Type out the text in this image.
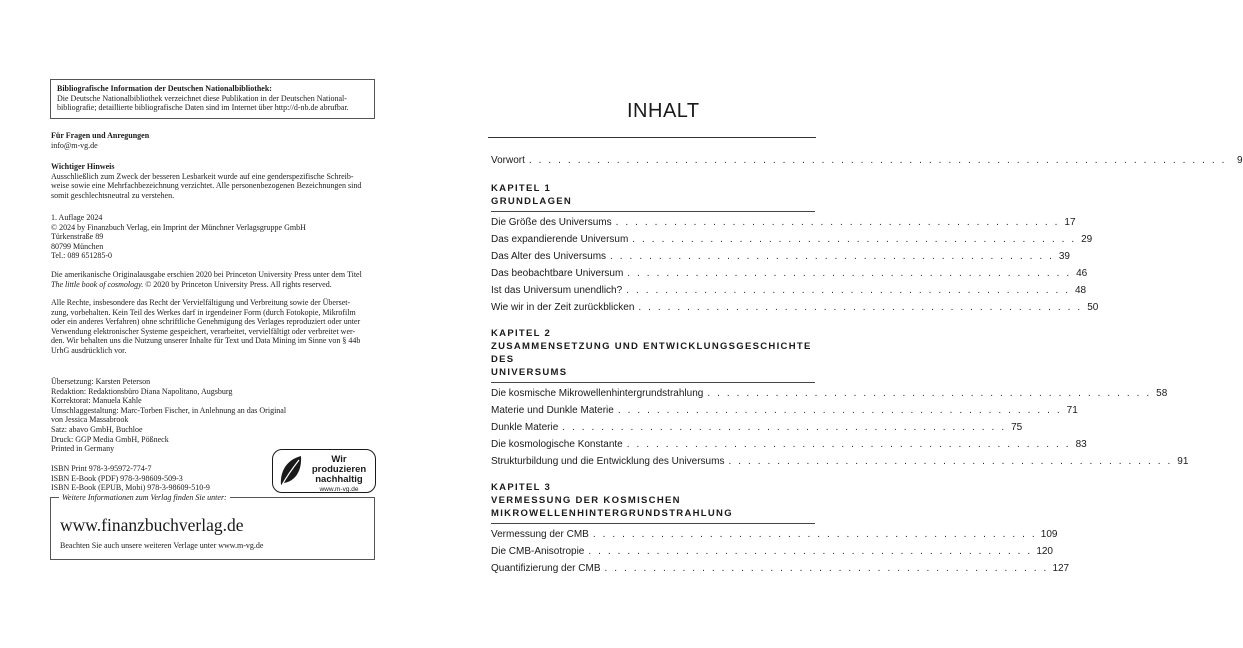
Bibliografische Information der Deutschen Nationalbibliothek:

Die Deutsche Nationalbibliothek verzeichnet diese Publikation in der Deutschen National-

bibliografie; detaillierte bibliografische Daten sind im Internet über http://d-nb.de abrufbar.

Für Fragen und Anregungen

info@m-vg.de

Wichtiger Hinweis

Ausschließlich zum Zweck der besseren Lesbarkeit wurde auf eine genderspezifische Schreib-

weise sowie eine Mehrfachbezeichnung verzichtet. Alle personenbezogenen Bezeichnungen sind

somit geschlechtsneutral zu verstehen.

1. Auflage 2024

© 2024 by Finanzbuch Verlag, ein Imprint der Münchner Verlagsgruppe GmbH

Türkenstraße 89

80799 München

Tel.: 089 651285-0

Die amerikanische Originalausgabe erschien 2020 bei Princeton University Press unter dem Titel

The little book of cosmology. © 2020 by Princeton University Press. All rights reserved.

Alle Rechte, insbesondere das Recht der Vervielfältigung und Verbreitung sowie der Überset-

zung, vorbehalten. Kein Teil des Werkes darf in irgendeiner Form (durch Fotokopie, Mikrofilm

oder ein anderes Verfahren) ohne schriftliche Genehmigung des Verlages reproduziert oder unter

Verwendung elektronischer Systeme gespeichert, verarbeitet, vervielfältigt oder verbreitet wer-

den. Wir behalten uns die Nutzung unserer Inhalte für Text und Data Mining im Sinne von § 44b

UrhG ausdrücklich vor.

Übersetzung: Karsten Peterson

Redaktion: Redaktionsbüro Diana Napolitano, Augsburg

Korrektorat: Manuela Kahle

Umschlaggestaltung: Marc-Torben Fischer, in Anlehnung an das Original

von Jessica Massabrook

Satz: abavo GmbH, Buchloe

Druck: GGP Media GmbH, Pößneck

Printed in Germany

ISBN Print 978-3-95972-774-7

ISBN E-Book (PDF) 978-3-98609-509-3

ISBN E-Book (EPUB, Mobi) 978-3-98609-510-9

Wir produzieren
nachhaltig
www.m-vg.de
Weitere Informationen zum Verlag finden Sie unter:
www.finanzbuchverlag.de
Beachten Sie auch unsere weiteren Verlage unter www.m-vg.de
INHALT
Vorwort . . . . . . . . . . . . . . . . . . . . . . . . . . . . . . . . . . . . . . . . . . . . . . . . . . . . . . . . . . . . . . . . . . . . . . . .	9
KAPITEL 1
GRUNDLAGEN
Die Größe des Universums . . . . . . . . . . . . . . . . . . . . . . . . . . . . . . . . . . . . . . . . . . . . . . 17
Das expandierende Universum . . . . . . . . . . . . . . . . . . . . . . . . . . . . . . . . . . . . . . . . . . . . . . 29
Das Alter des Universums . . . . . . . . . . . . . . . . . . . . . . . . . . . . . . . . . . . . . . . . . . . . . . 39
Das beobachtbare Universum . . . . . . . . . . . . . . . . . . . . . . . . . . . . . . . . . . . . . . . . . . . . . . 46
Ist das Universum unendlich? . . . . . . . . . . . . . . . . . . . . . . . . . . . . . . . . . . . . . . . . . . . . . . 48
Wie wir in der Zeit zurückblicken . . . . . . . . . . . . . . . . . . . . . . . . . . . . . . . . . . . . . . . . . . . . . . 50
KAPITEL 2
ZUSAMMENSETZUNG UND ENTWICKLUNGSGESCHICHTE DES
UNIVERSUMS
Die kosmische Mikrowellenhintergrundstrahlung . . . . . . . . . . . . . . . . . . . . . . . . . . . . . . . . . . . . . . . . . . . . . . 58
Materie und Dunkle Materie . . . . . . . . . . . . . . . . . . . . . . . . . . . . . . . . . . . . . . . . . . . . . . 71
Dunkle Materie . . . . . . . . . . . . . . . . . . . . . . . . . . . . . . . . . . . . . . . . . . . . . . 75
Die kosmologische Konstante . . . . . . . . . . . . . . . . . . . . . . . . . . . . . . . . . . . . . . . . . . . . . . 83
Strukturbildung und die Entwicklung des Universums . . . . . . . . . . . . . . . . . . . . . . . . . . . . . . . . . . . . . . . . . . . . . . 91
KAPITEL 3
VERMESSUNG DER KOSMISCHEN
MIKROWELLENHINTERGRUNDSTRAHLUNG
Vermessung der CMB . . . . . . . . . . . . . . . . . . . . . . . . . . . . . . . . . . . . . . . . . . . . . . 109
Die CMB-Anisotropie . . . . . . . . . . . . . . . . . . . . . . . . . . . . . . . . . . . . . . . . . . . . . . 120
Quantifizierung der CMB . . . . . . . . . . . . . . . . . . . . . . . . . . . . . . . . . . . . . . . . . . . . . . 127
